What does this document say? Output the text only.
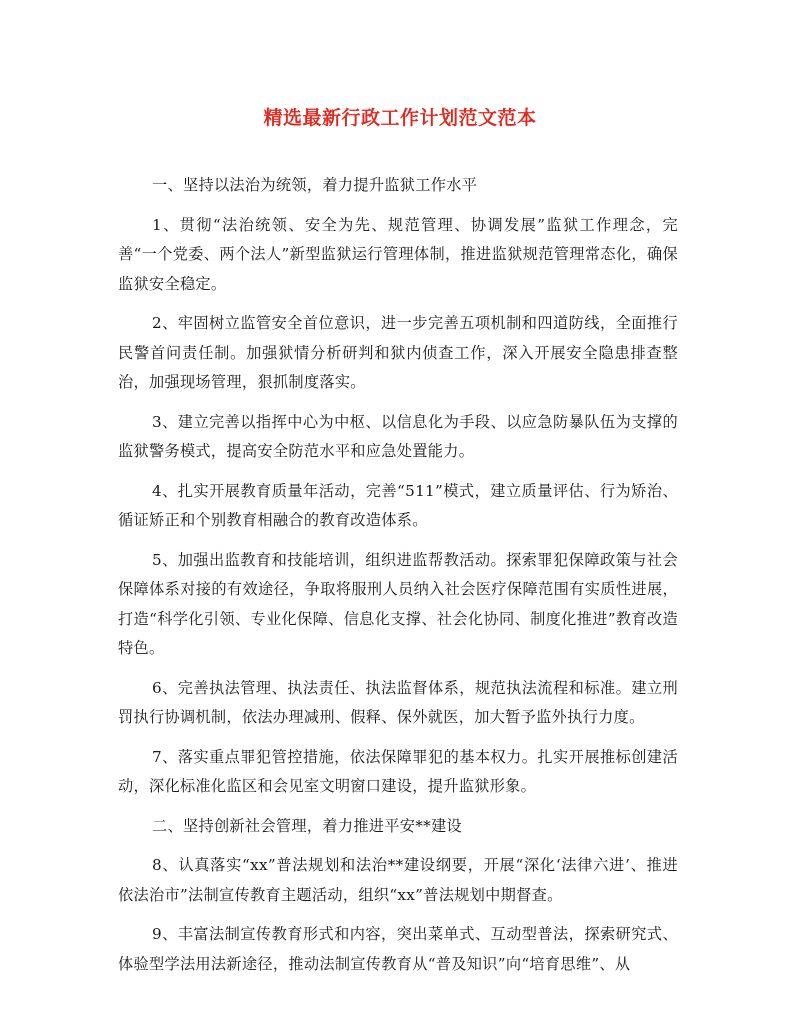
精选最新行政工作计划范文范本

一、坚持以法治为统领，着力提升监狱工作水平

1、贯彻“法治统领、安全为先、规范管理、协调发展”监狱工作理念，完善“一个党委、两个法人”新型监狱运行管理体制，推进监狱规范管理常态化，确保监狱安全稳定。

2、牢固树立监管安全首位意识，进一步完善五项机制和四道防线，全面推行民警首问责任制。加强狱情分析研判和狱内侦查工作，深入开展安全隐患排查整治，加强现场管理，狠抓制度落实。

3、建立完善以指挥中心为中枢、以信息化为手段、以应急防暴队伍为支撑的监狱警务模式，提高安全防范水平和应急处置能力。

4、扎实开展教育质量年活动，完善“511”模式，建立质量评估、行为矫治、循证矫正和个别教育相融合的教育改造体系。

5、加强出监教育和技能培训，组织进监帮教活动。探索罪犯保障政策与社会保障体系对接的有效途径，争取将服刑人员纳入社会医疗保障范围有实质性进展，打造“科学化引领、专业化保障、信息化支撑、社会化协同、制度化推进”教育改造特色。

6、完善执法管理、执法责任、执法监督体系，规范执法流程和标准。建立刑罚执行协调机制，依法办理减刑、假释、保外就医，加大暂予监外执行力度。

7、落实重点罪犯管控措施，依法保障罪犯的基本权力。扎实开展推标创建活动，深化标准化监区和会见室文明窗口建设，提升监狱形象。

二、坚持创新社会管理，着力推进平安**建设

8、认真落实“xx”普法规划和法治**建设纲要，开展“深化‘法律六进’、推进依法治市”法制宣传教育主题活动，组织“xx”普法规划中期督查。

9、丰富法制宣传教育形式和内容，突出菜单式、互动型普法，探索研究式、体验型学法用法新途径，推动法制宣传教育从“普及知识”向“培育思维”、从
